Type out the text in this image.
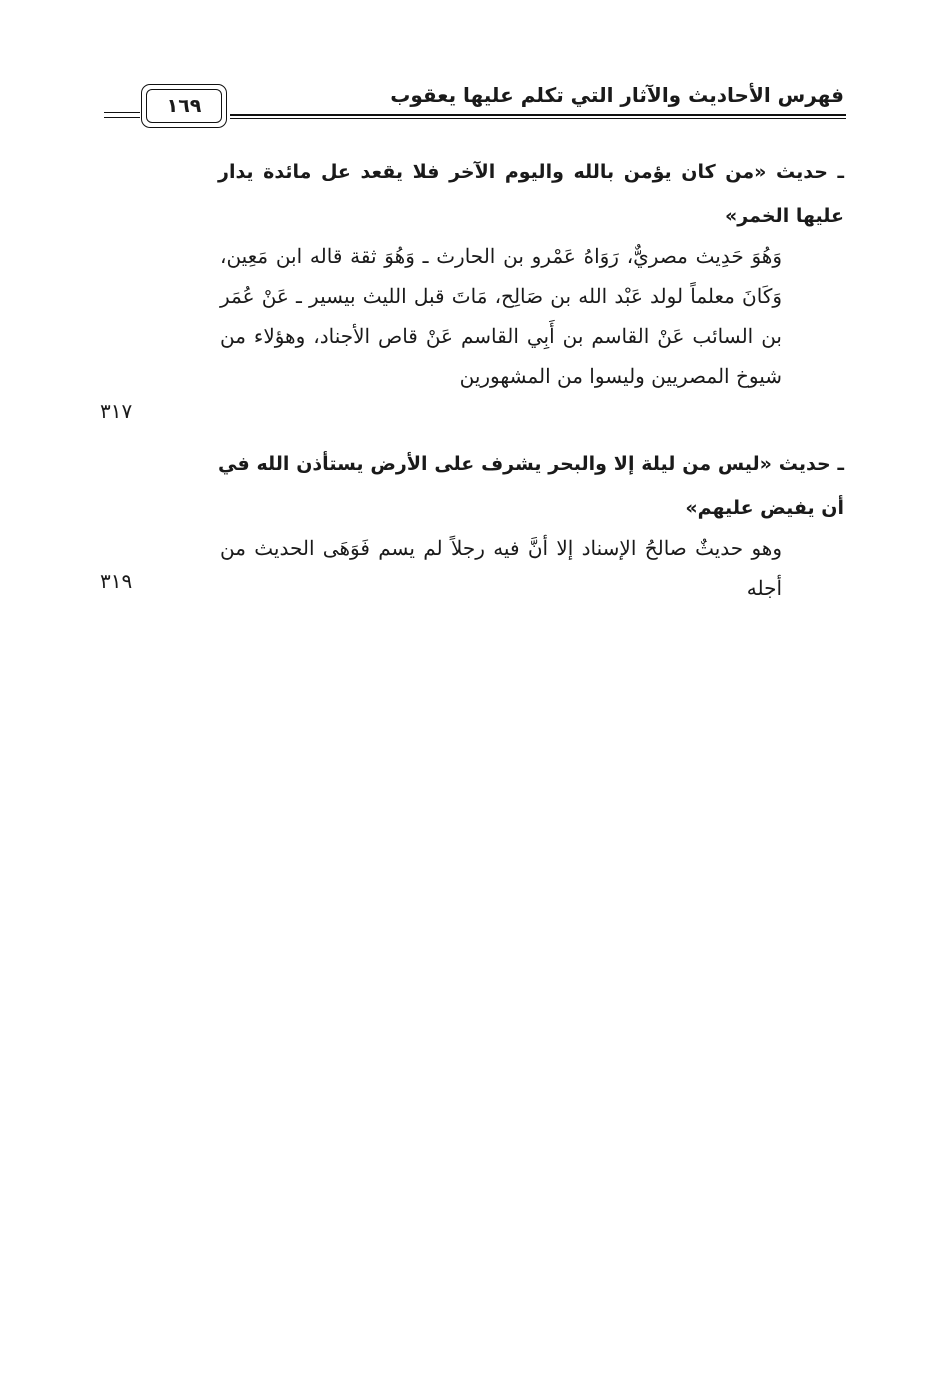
فهرس الأحاديث والآثار التي تكلم عليها يعقوب
١٦٩
ـ حديث «من كان يؤمن بالله واليوم الآخر فلا يقعد عل مائدة يدار عليها الخمر»
وَهُوَ حَدِيث مصريٌّ، رَوَاهُ عَمْرو بن الحارث ـ وَهُوَ ثقة قاله ابن مَعِين، وَكَانَ معلماً لولد عَبْد الله بن صَالِح، مَاتَ قبل الليث بيسير ـ عَنْ عُمَر بن السائب عَنْ القاسم بن أَبِي القاسم عَنْ قاص الأجناد، وهؤلاء من شيوخ المصريين وليسوا من المشهورين
٣١٧
ـ حديث «ليس من ليلة إلا والبحر يشرف على الأرض يستأذن الله في أن يفيض عليهم»
وهو حديثٌ صالحُ الإسناد إلا أنَّ فيه رجلاً لم يسم فَوَهَى الحديث من أجله
٣١٩
